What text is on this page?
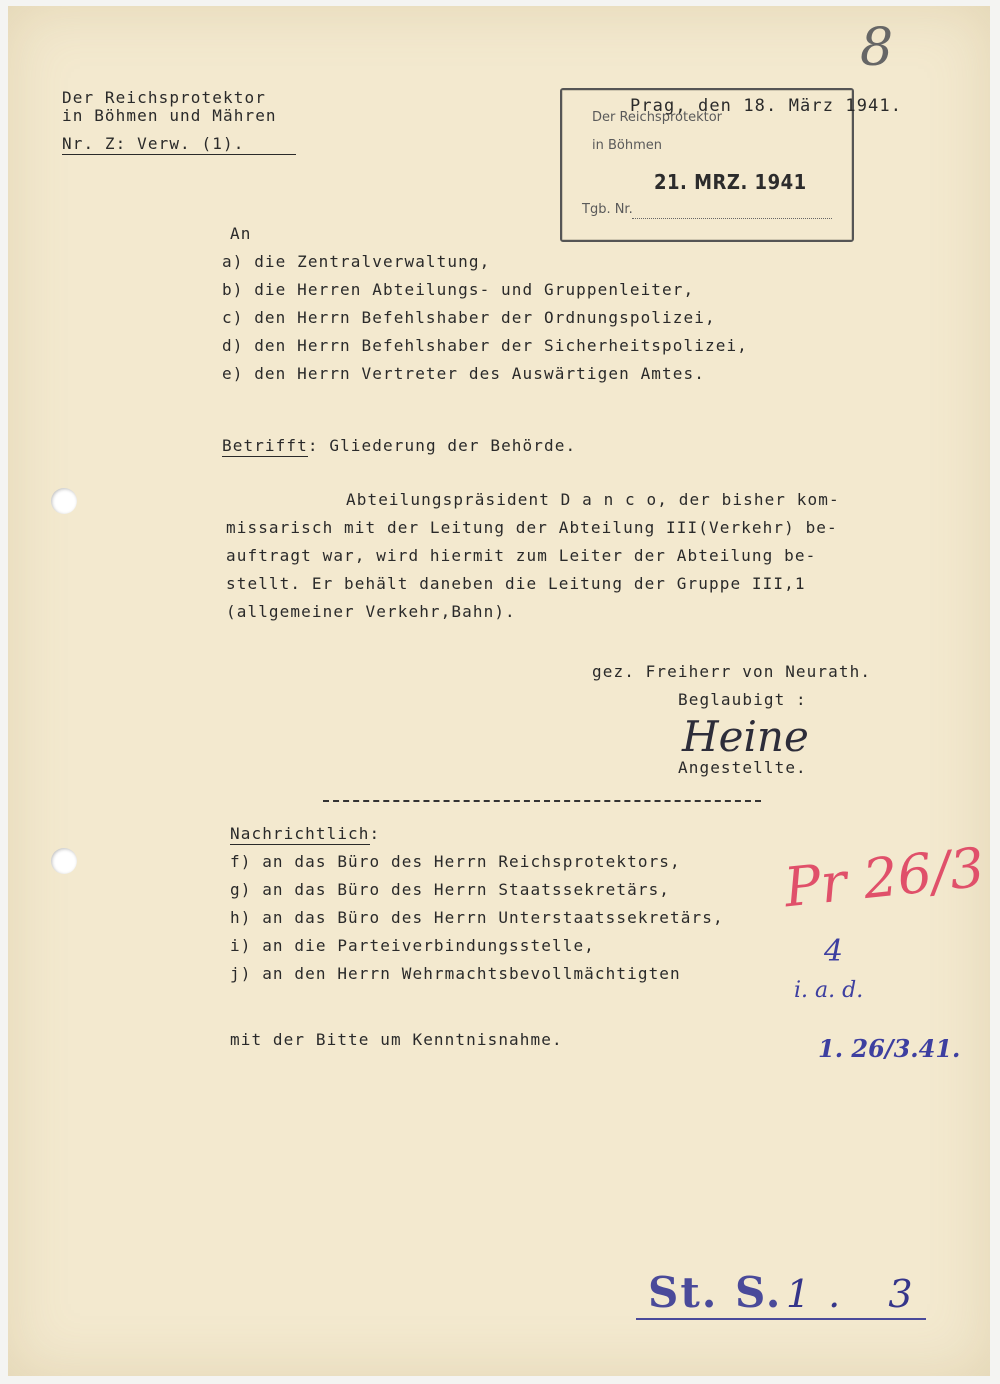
8
Der Reichsprotektor
in Böhmen und Mähren
Nr. Z: Verw. (1).
Der Reichsprotektor
in Böhmen
21. MRZ. 1941
Tgb. Nr.
Prag, den 18. März 1941.
An
a) die Zentralverwaltung,
b) die Herren Abteilungs- und Gruppenleiter,
c) den Herrn Befehlshaber der Ordnungspolizei,
d) den Herrn Befehlshaber der Sicherheitspolizei,
e) den Herrn Vertreter des Auswärtigen Amtes.
Betrifft: Gliederung der Behörde.
Abteilungspräsident D a n c o, der bisher kom-
missarisch mit der Leitung der Abteilung III(Verkehr) be-
auftragt war, wird hiermit zum Leiter der Abteilung be-
stellt. Er behält daneben die Leitung der Gruppe III,1
(allgemeiner Verkehr,Bahn).
gez. Freiherr von Neurath.
Beglaubigt :
Heine
Angestellte.
Nachrichtlich:
f) an das Büro des Herrn Reichsprotektors,
g) an das Büro des Herrn Staatssekretärs,
h) an das Büro des Herrn Unterstaatssekretärs,
i) an die Parteiverbindungsstelle,
j) an den Herrn Wehrmachtsbevollmächtigten
mit der Bitte um Kenntnisnahme.
Pr 26/3
4
i. a. d.
1. 26/3.41.
St. S. 1. 3
